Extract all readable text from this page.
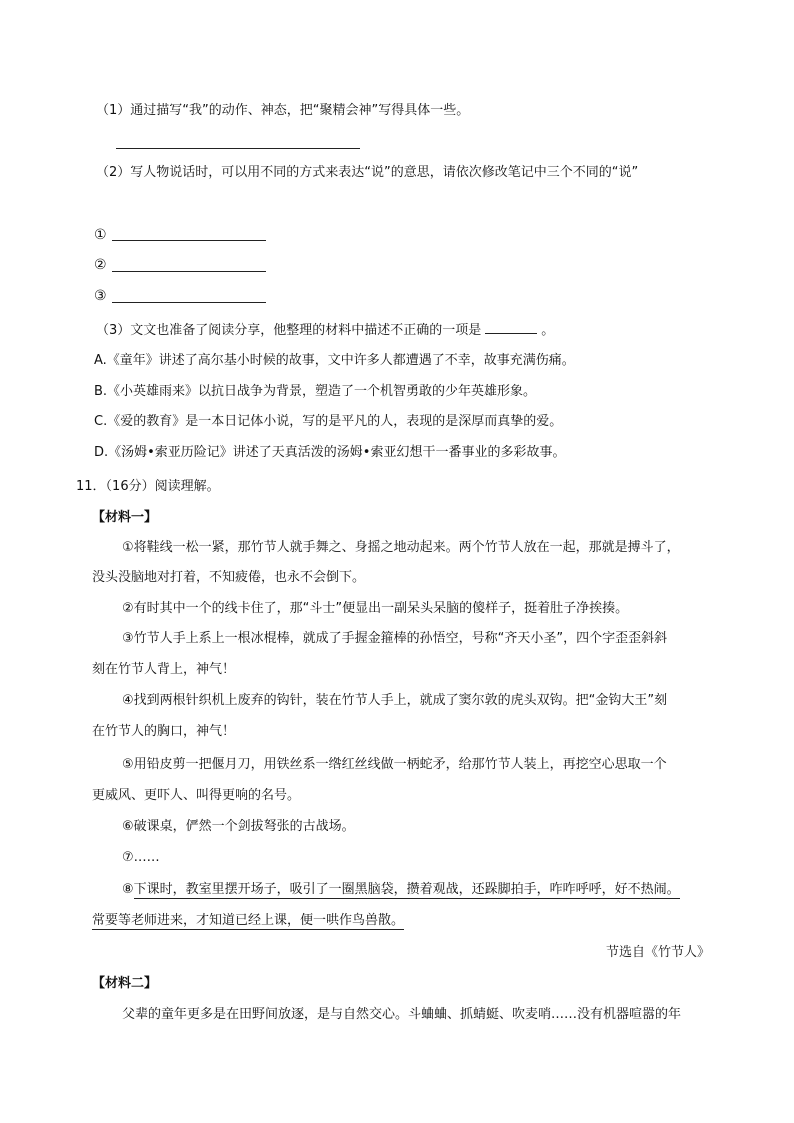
（1）通过描写“我”的动作、神态，把“聚精会神”写得具体一些。
（2）写人物说话时，可以用不同的方式来表达“说”的意思，请依次修改笔记中三个不同的“说”
①
②
③
（3）文文也准备了阅读分享，他整理的材料中描述不正确的一项是	。
A.《童年》讲述了高尔基小时候的故事，文中许多人都遭遇了不幸，故事充满伤痛。
B.《小英雄雨来》以抗日战争为背景，塑造了一个机智勇敢的少年英雄形象。
C.《爱的教育》是一本日记体小说，写的是平凡的人，表现的是深厚而真挚的爱。
D.《汤姆•索亚历险记》讲述了天真活泼的汤姆•索亚幻想干一番事业的多彩故事。
11．（16分）阅读理解。
【材料一】
①将鞋线一松一紧，那竹节人就手舞之、身摇之地动起来。两个竹节人放在一起，那就是搏斗了，
没头没脑地对打着，不知疲倦，也永不会倒下。
②有时其中一个的线卡住了，那“斗士”便显出一副呆头呆脑的傻样子，挺着肚子净挨揍。
③竹节人手上系上一根冰棍棒，就成了手握金箍棒的孙悟空，号称“齐天小圣”，四个字歪歪斜斜
刻在竹节人背上，神气！
④找到两根针织机上废弃的钩针，装在竹节人手上，就成了窦尔敦的虎头双钩。把“金钩大王”刻
在竹节人的胸口，神气！
⑤用铅皮剪一把偃月刀，用铁丝系一绺红丝线做一柄蛇矛，给那竹节人装上，再挖空心思取一个
更威风、更吓人、叫得更响的名号。
⑥破课桌，俨然一个剑拔弩张的古战场。
⑦……
⑧下课时，教室里摆开场子，吸引了一圈黑脑袋，攒着观战，还跺脚拍手，咋咋呼呼，好不热闹。
常要等老师进来，才知道已经上课，便一哄作鸟兽散。
节选自《竹节人》
【材料二】
父辈的童年更多是在田野间放逐，是与自然交心。斗蛐蛐、抓蜻蜓、吹麦哨……没有机器喧嚣的年
